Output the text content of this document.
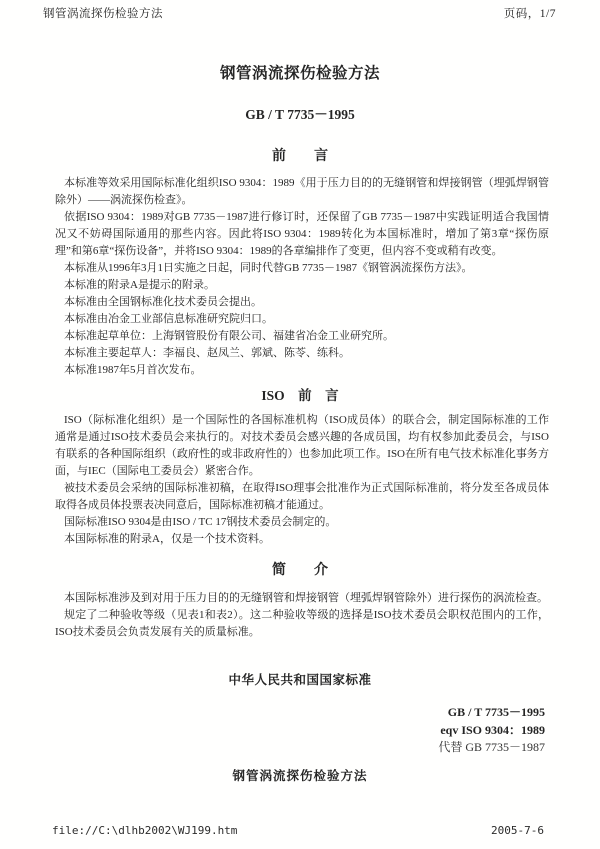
钢管涡流探伤检验方法	页码，1/7
钢管涡流探伤检验方法
GB / T 7735－1995
前　　言

本标准等效采用国际标准化组织ISO 9304：1989《用于压力目的的无缝钢管和焊接钢管（埋弧焊钢管除外）——涡流探伤检查》。

依据ISO 9304：1989对GB 7735－1987进行修订时，还保留了GB 7735－1987中实践证明适合我国情况又不妨碍国际通用的那些内容。因此将ISO 9304：1989转化为本国标准时，增加了第3章“探伤原理”和第6章“探伤设备”，并将ISO 9304：1989的各章编排作了变更，但内容不变或稍有改变。

本标准从1996年3月1日实施之日起，同时代替GB 7735－1987《钢管涡流探伤方法》。

本标准的附录A是提示的附录。

本标准由全国钢标准化技术委员会提出。

本标准由冶金工业部信息标准研究院归口。

本标准起草单位：上海钢管股份有限公司、福建省冶金工业研究所。

本标准主要起草人：李福良、赵凤兰、郭斌、陈苓、练科。

本标准1987年5月首次发布。

ISO　前　言

ISO（际标准化组织）是一个国际性的各国标准机构（ISO成员体）的联合会，制定国际标准的工作通常是通过ISO技术委员会来执行的。对技术委员会感兴趣的各成员国，均有权参加此委员会，与ISO有联系的各种国际组织（政府性的或非政府性的）也参加此项工作。ISO在所有电气技术标准化事务方面，与IEC（国际电工委员会）紧密合作。

被技术委员会采纳的国际标准初稿，在取得ISO理事会批准作为正式国际标准前，将分发至各成员体取得各成员体投票表决同意后，国际标准初稿才能通过。

国际标准ISO 9304是由ISO / TC 17钢技术委员会制定的。

本国际标准的附录A，仅是一个技术资料。

简　　介

本国际标准涉及到对用于压力目的的无缝钢管和焊接钢管（埋弧焊钢管除外）进行探伤的涡流检查。

规定了二种验收等级（见表1和表2）。这二种验收等级的选择是ISO技术委员会职权范围内的工作，ISO技术委员会负责发展有关的质量标准。

中华人民共和国国家标准
GB / T 7735－1995
eqv ISO 9304：1989
代替 GB 7735－1987
钢管涡流探伤检验方法
file://C:\dlhb2002\WJ199.htm	2005-7-6
